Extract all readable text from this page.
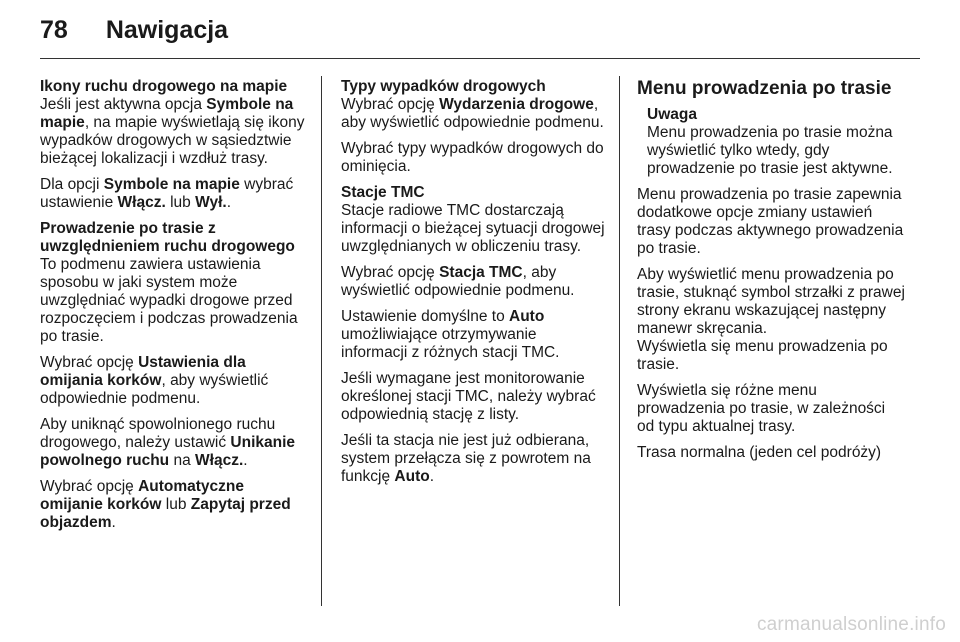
78 Nawigacja
Ikony ruchu drogowego na mapie

Jeśli jest aktywna opcja Symbole na mapie, na mapie wyświetlają się ikony wypadków drogowych w sąsiedztwie bieżącej lokalizacji i wzdłuż trasy.

Dla opcji Symbole na mapie wybrać ustawienie Włącz. lub Wył..

Prowadzenie po trasie z uwzględnieniem ruchu drogowego

To podmenu zawiera ustawienia sposobu w jaki system może uwzględniać wypadki drogowe przed rozpoczęciem i podczas prowadzenia po trasie.

Wybrać opcję Ustawienia dla omijania korków, aby wyświetlić odpowiednie podmenu.

Aby uniknąć spowolnionego ruchu drogowego, należy ustawić Unikanie powolnego ruchu na Włącz..

Wybrać opcję Automatyczne omijanie korków lub Zapytaj przed objazdem.

Typy wypadków drogowych

Wybrać opcję Wydarzenia drogowe, aby wyświetlić odpowiednie podmenu.

Wybrać typy wypadków drogowych do ominięcia.

Stacje TMC

Stacje radiowe TMC dostarczają informacji o bieżącej sytuacji drogowej uwzględnianych w obliczeniu trasy.

Wybrać opcję Stacja TMC, aby wyświetlić odpowiednie podmenu.

Ustawienie domyślne to Auto umożliwiające otrzymywanie informacji z różnych stacji TMC.

Jeśli wymagane jest monitorowanie określonej stacji TMC, należy wybrać odpowiednią stację z listy.

Jeśli ta stacja nie jest już odbierana, system przełącza się z powrotem na funkcję Auto.

Menu prowadzenia po trasie
Uwaga
Menu prowadzenia po trasie można wyświetlić tylko wtedy, gdy prowadzenie po trasie jest aktywne.

Menu prowadzenia po trasie zapewnia dodatkowe opcje zmiany ustawień trasy podczas aktywnego prowadzenia po trasie.

Aby wyświetlić menu prowadzenia po trasie, stuknąć symbol strzałki z prawej strony ekranu wskazującej następny manewr skręcania.

Wyświetla się menu prowadzenia po trasie.

Wyświetla się różne menu prowadzenia po trasie, w zależności od typu aktualnej trasy.

Trasa normalna (jeden cel podróży)

carmanualsonline.info
